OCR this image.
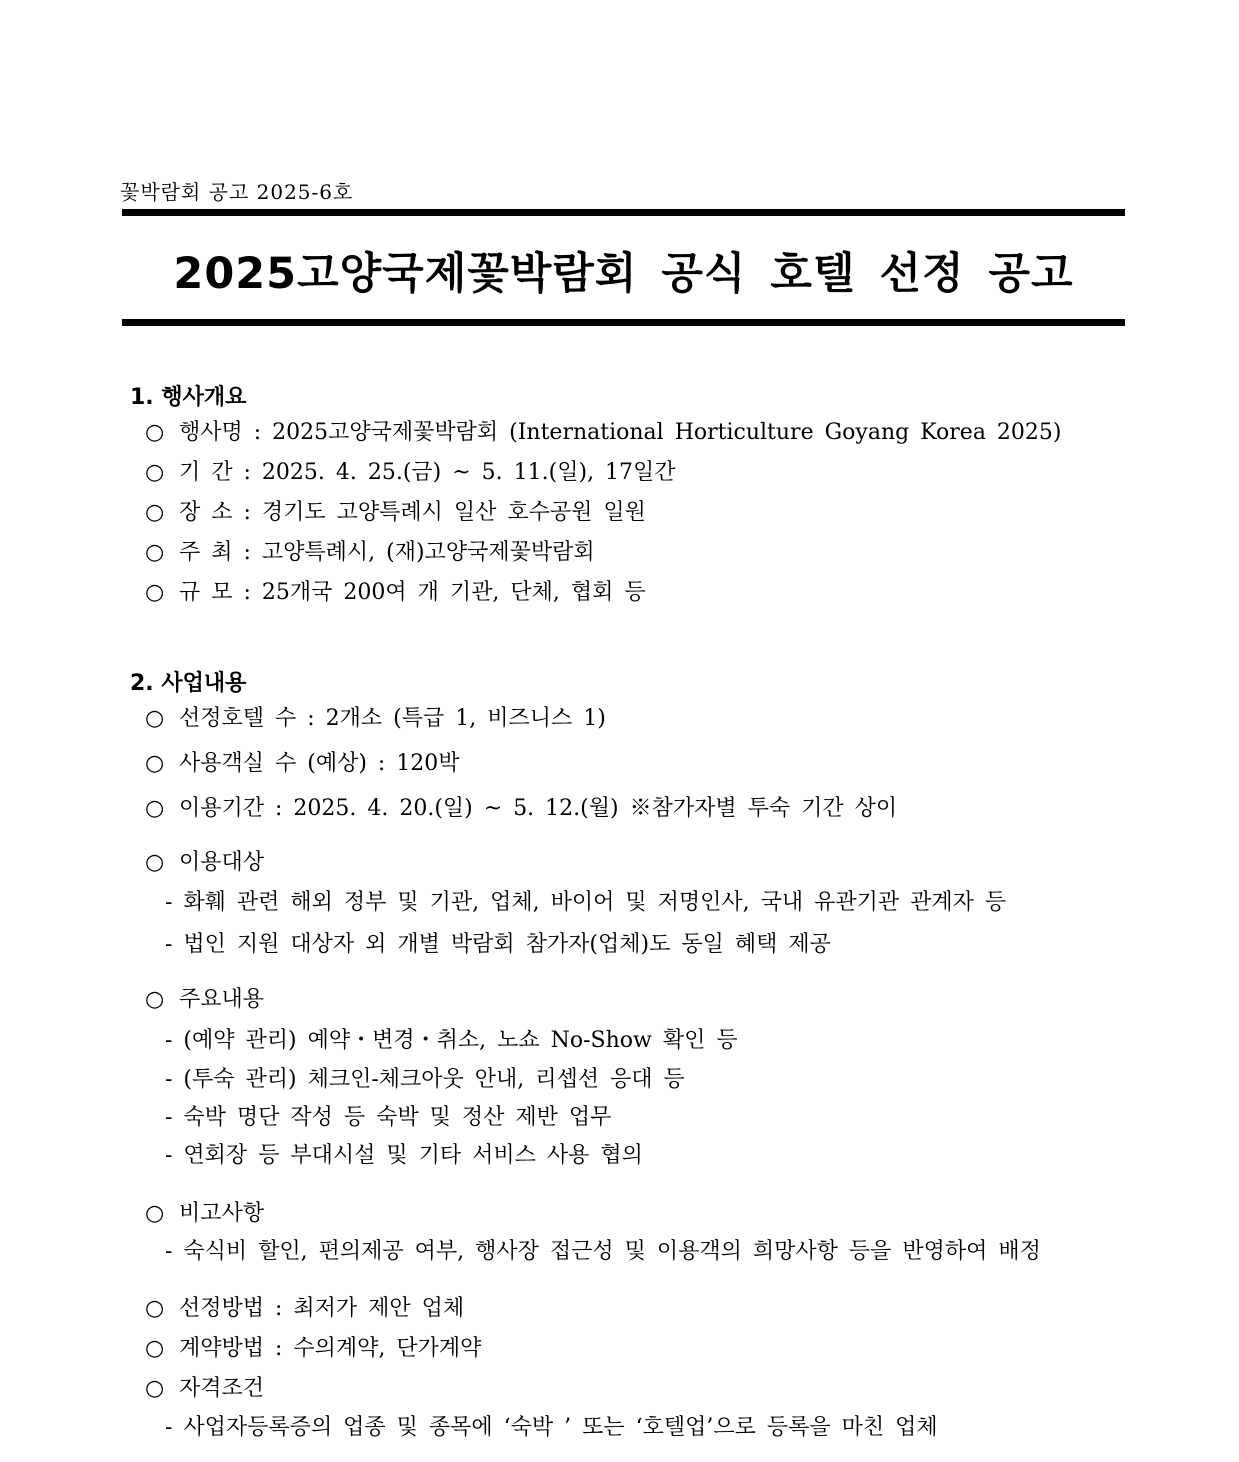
꽃박람회 공고 2025-6호
2025고양국제꽃박람회 공식 호텔 선정 공고
1. 행사개요
○ 행사명 : 2025고양국제꽃박람회 (International Horticulture Goyang Korea 2025)
○ 기 간 : 2025. 4. 25.(금) ~ 5. 11.(일), 17일간
○ 장 소 : 경기도 고양특례시 일산 호수공원 일원
○ 주 최 : 고양특례시, (재)고양국제꽃박람회
○ 규 모 : 25개국 200여 개 기관, 단체, 협회 등
2. 사업내용
○ 선정호텔 수 : 2개소 (특급 1, 비즈니스 1)
○ 사용객실 수 (예상) : 120박
○ 이용기간 : 2025. 4. 20.(일) ~ 5. 12.(월) ※참가자별 투숙 기간 상이
○ 이용대상
- 화훼 관련 해외 정부 및 기관, 업체, 바이어 및 저명인사, 국내 유관기관 관계자 등
- 법인 지원 대상자 외 개별 박람회 참가자(업체)도 동일 혜택 제공
○ 주요내용
- (예약 관리) 예약・변경・취소, 노쇼 No-Show 확인 등
- (투숙 관리) 체크인-체크아웃 안내, 리셉션 응대 등
- 숙박 명단 작성 등 숙박 및 정산 제반 업무
- 연회장 등 부대시설 및 기타 서비스 사용 협의
○ 비고사항
- 숙식비 할인, 편의제공 여부, 행사장 접근성 및 이용객의 희망사항 등을 반영하여 배정
○ 선정방법 : 최저가 제안 업체
○ 계약방법 : 수의계약, 단가계약
○ 자격조건
- 사업자등록증의 업종 및 종목에 ‘숙박 ’ 또는 ‘호텔업’으로 등록을 마친 업체
